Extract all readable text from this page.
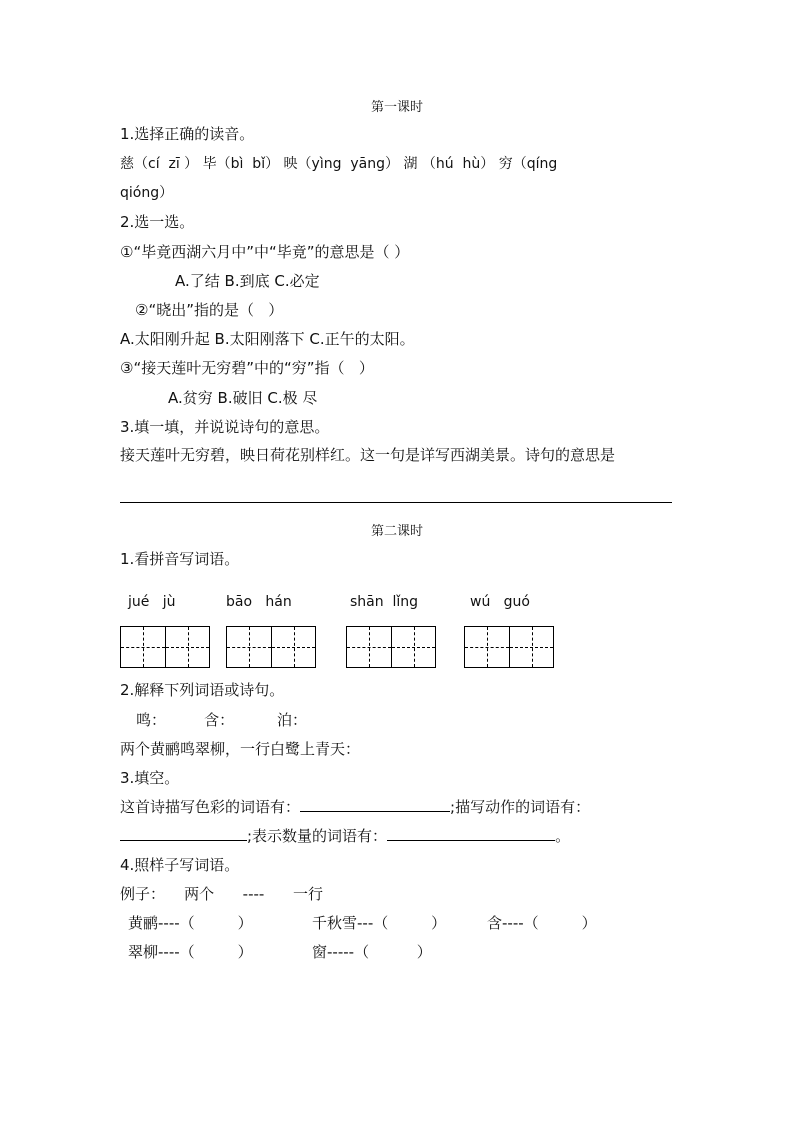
第一课时
1.选择正确的读音。
慈（cí  zī ） 毕（bì  bǐ） 映（yìng  yāng） 湖 （hú  hù） 穷（qíng
qióng）
2.选一选。
①“毕竟西湖六月中”中“毕竟”的意思是（ ）
A.了结 B.到底 C.必定
②“晓出”指的是（   ）
A.太阳刚升起 B.太阳刚落下 C.正午的太阳。
③“接天莲叶无穷碧”中的“穷”指（   ）
A.贫穷 B.破旧 C.极 尽
3.填一填，并说说诗句的意思。
接天莲叶无穷碧，映日荷花别样红。这一句是详写西湖美景。诗句的意思是
第二课时
1.看拼音写词语。
jué   jù	bāo   hán	shān  lǐng	wú   guó
2.解释下列词语或诗句。
鸣：        含：         泊：
两个黄鹂鸣翠柳，一行白鹭上青天：
3.填空。
这首诗描写色彩的词语有：	;描写动作的词语有：
;表示数量的词语有：	。
4.照样子写词语。
例子：    两个      ----      一行
黄鹂----（         ）	千秋雪---（         ）	含----（         ）
翠柳----（         ）	窗-----（          ）
